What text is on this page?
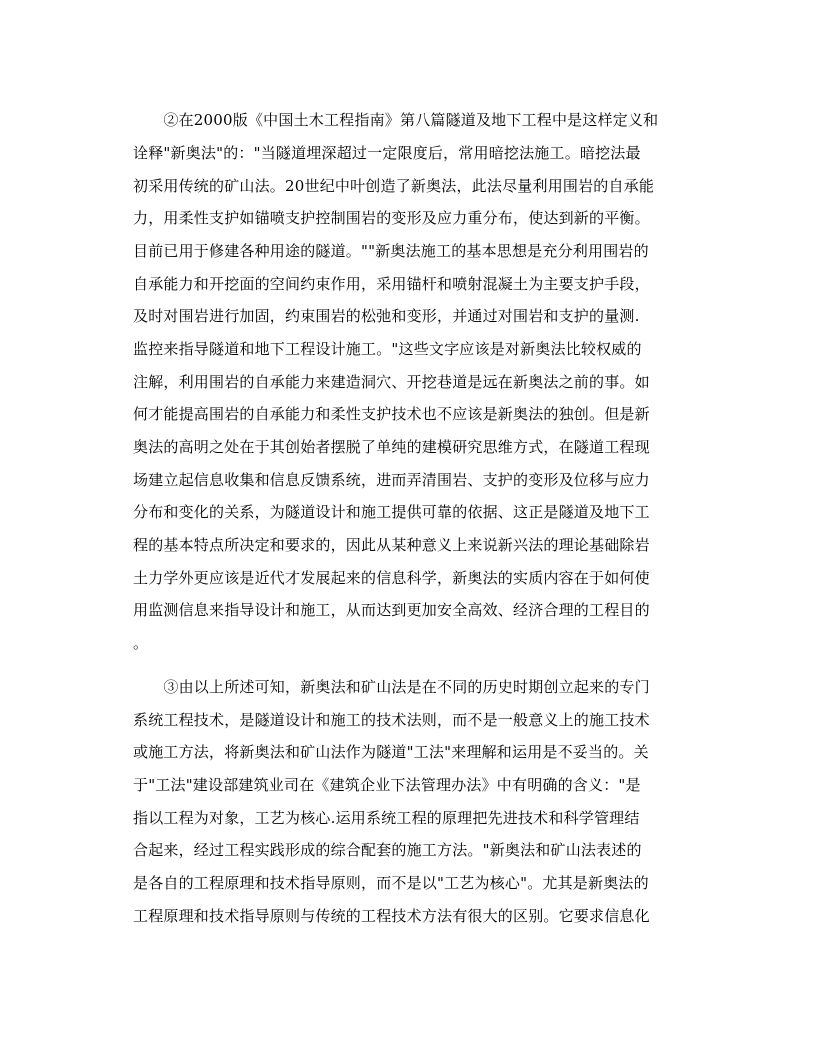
　　②在2000版《中国土木工程指南》第八篇隧道及地下工程中是这样定义和

诠释"新奥法"的："当隧道埋深超过一定限度后，常用暗挖法施工。暗挖法最

初采用传统的矿山法。20世纪中叶创造了新奥法，此法尽量利用围岩的自承能

力，用柔性支护如锚喷支护控制围岩的变形及应力重分布，使达到新的平衡。

目前已用于修建各种用途的隧道。""新奥法施工的基本思想是充分利用围岩的

自承能力和开挖面的空间约束作用，采用锚杆和喷射混凝土为主要支护手段，

及时对围岩进行加固，约束围岩的松弛和变形，并通过对围岩和支护的量测.

监控来指导隧道和地下工程设计施工。"这些文字应该是对新奥法比较权威的

注解，利用围岩的自承能力来建造洞穴、开挖巷道是远在新奥法之前的事。如

何才能提高围岩的自承能力和柔性支护技术也不应该是新奥法的独创。但是新

奥法的高明之处在于其创始者摆脱了单纯的建模研究思维方式，在隧道工程现

场建立起信息收集和信息反馈系统，进而弄清围岩、支护的变形及位移与应力

分布和变化的关系，为隧道设计和施工提供可靠的依据、这正是隧道及地下工

程的基本特点所决定和要求的，因此从某种意义上来说新兴法的理论基础除岩

土力学外更应该是近代才发展起来的信息科学，新奥法的实质内容在于如何使

用监测信息来指导设计和施工，从而达到更加安全高效、经济合理的工程目的

。

　　③由以上所述可知，新奥法和矿山法是在不同的历史时期创立起来的专门

系统工程技术，是隧道设计和施工的技术法则，而不是一般意义上的施工技术

或施工方法，将新奥法和矿山法作为隧道"工法"来理解和运用是不妥当的。关

于"工法"建设部建筑业司在《建筑企业下法管理办法》中有明确的含义："是

指以工程为对象，工艺为核心.运用系统工程的原理把先进技术和科学管理结

合起来，经过工程实践形成的综合配套的施工方法。"新奥法和矿山法表述的

是各自的工程原理和技术指导原则，而不是以"工艺为核心"。尤其是新奥法的

工程原理和技术指导原则与传统的工程技术方法有很大的区别。它要求信息化
